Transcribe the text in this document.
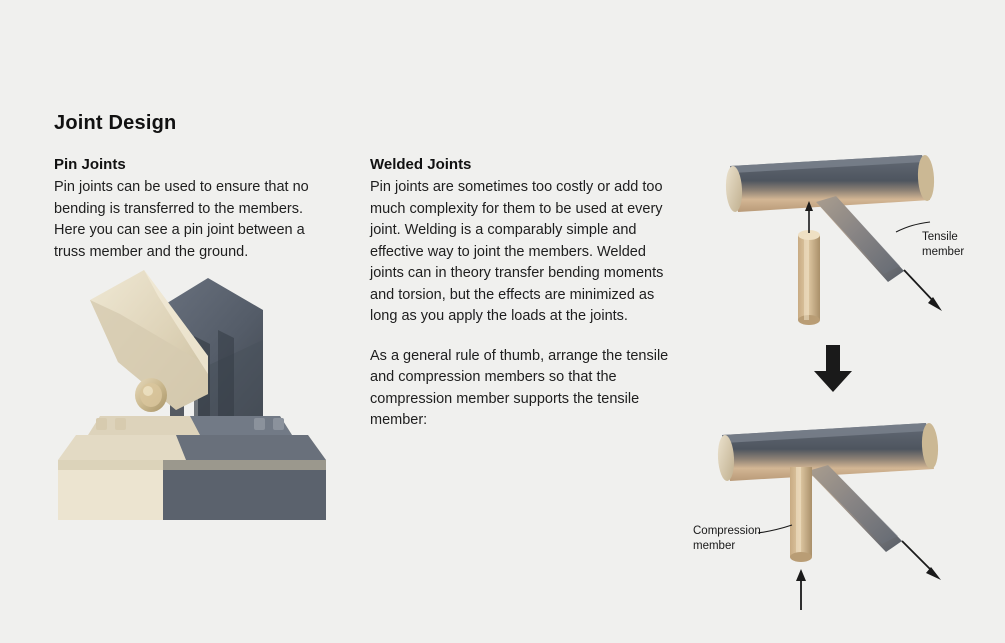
Joint Design
Pin Joints

Pin joints can be used to ensure that no bending is transferred to the members. Here you can see a pin joint between a truss member and the ground.

Welded Joints

Pin joints are sometimes too costly or add too much complexity for them to be used at every joint. Welding is a comparably simple and effective way to joint the members. Welded joints can in theory transfer bending moments and torsion, but the effects are minimized as long as you apply the loads at the joints.

As a general rule of thumb, arrange the tensile and compression members so that the compression member supports the tensile member:

Tensile
member
Compression
member
